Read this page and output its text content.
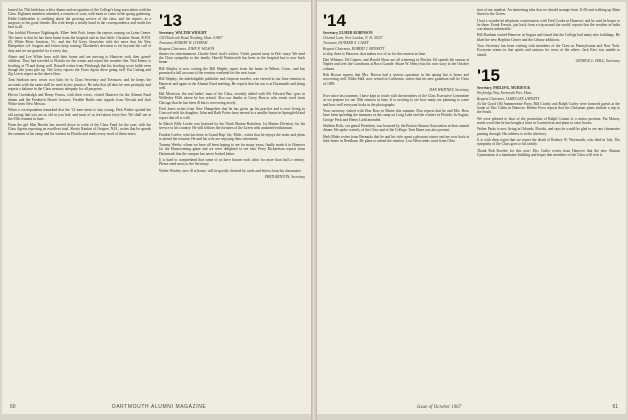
busted for 75th birthdays with a dinner and recognition of the College's long association with the Class. Eighteen members attended, a reunion of sorts, with more to come at the spring gathering. Eddie Lubbenther is crediting about the growing service of the class, and his reports, as a surgeon, to his good friends. His wife keeps a steady hand in the correspondence and sends her best to all.

Our faithful Florence Nightingale, Ellen- beth Park, keeps the reports coming on Lyme Center. The latest is that he has been home from the hospital and in fine fettle. Christine Stone, R.F.D. #3, White River Junction, Vt., and she Ed Gerry flourishes with the news that his New Hampshire col- leagues and letters keep coming. Elizabeth's devotion is far beyond the call of duty and we are grateful for it every day.

Abner and Lee White have sold their home and are moving to Hanover with their grand- children. They had traveled to Florida for the winter and report the weather fine. Ned Emery is bowling at 79 and doing well. Russell writes from Pittsburgh that his bowling score holds even though the years pile up. Ted Gerry reports the Class Agent drive going well. Eat Cutting and Zip Lewis report on the dance floor.

Tom Sanborn now wears two hats; he is Class Secretary and Treasurer, and he keeps the accounts with the same skill he used in law practice. He asks that all dues be sent promptly and reports a balance in the Class treasury adequate for all purposes.

Hector Greenhalgh and Henry Frauss, with their wives, visited Hanover for the Alumni Fund dinner and the Frederick Hewitt lectures. Freddie Butler sent regards from Nevada and Jack White from New Mexico.

When a correspondent remarked that the '12 men seem to stay young, Dick Parker quoted the old saying that you are as old as you feel, and most of us feel about forty-five. We shall see at the 55th reunion in June.

From the gift Mae Brooks has moved down to write of the Class Fund for the year, with the Class Agents reporting an excellent total. Shorty Rankin of Ossipee, N.H., writes that he spends the summer at his camp and his winters in Florida and reads every word of these notes.

'13
Secretary, WALTER WRIGHT
124 Hitchcock Road, Reading, Mass. 01867
Treasurer, ROBERT W. CONRAD
Bequest Chairman, JOHN P. WILSON

theater for entertainment. Charlie Strat- ford's widow, Violet, passed away in Feb- ruary. We send the Class sympathy to the family. Harold Wadsworth has been in the hospital but is now back home.

Bill Shipley is now writing the Bill Shipley report from his home in Wilton, Conn., and has promised a full account of the reunion weekend for the next issue.

Bill Shipley, the indefatigable publisher and frequent traveler, was viewed at our June reunion in Hanover and again at the Alumni Fund meeting. He reports that his son is at Dartmouth and doing well.

Hal Morrison, the real ladies' man of the Class, recently talked with Mr. Edward Bur- gess in Wellesley Hills where he has retired. Also our thanks to Gerry Brown, who sends word from Chicago that he has been ill but is recovering nicely.

Fred Jones writes from New Hampshire that he has given up his practice and is now living in Concord with his daughter. John and Ruth Potter have moved to a smaller house in Springfield and report that all is well.

In March Billy Loefer was honored by the Ninth Marine Battalion, 1st Marine Division, for his service to his country. He still follows the fortunes of the Green with unabated enthusiasm.

Frankie Loefer, who has been in Grand Rap- ids, Mich., writes that he enjoys the notes and plans to attend the reunion. He and his wife are enjoying their retirement.

Tommy Weeks, whom we have all been hoping to see for many years, finally made it to Hanover for the Homecoming game and we were delighted to see him. Perry Richardson reports from Dartmouth that the campus has never looked better.

It is hard to comprehend that some of us have known each other for more than half a century. Please send news to the Secretary.

Walter Wooley, now ill at home, will be greatly cheered by cards and letters from his classmates.

FRED BENTON, Secretary

60	DARTMOUTH ALUMNI MAGAZINE
'14
Secretary, ELMER ROBINSON
Oriental Lane, New London, N. H. 03257
Treasurer, HOWARD A. CASEY
Bequest Chairman, ROBERT J. BENNETT

to ship three to Hanover, that makes two of us for the reunion in June.

Dan Whitney, Ed Cramer, and Harold Shaw are all wintering in Florida. Ed spends the season at Naples and sees the Grandsons at Boca Grande. Stuart W. Henry has his own story in the October column.

Bob Brown reports that Mrs. Brown had a serious operation in the spring but is home and recovering well. Eddie Hall, now retired in California, writes that his new grandson will be Class of 1989.

DAN WHITNEY, Secretary

Ever since last summer, I have kept in touch with the members of the Class Executive Committee as we prepare for our 55th reunion in June. It is exciting to see how many are planning to come and how well everyone looks in the photographs.

Your secretary visited with Don Ross in Maine this summer. Don reports that he and Mrs. Ross have been spending the summers at the camp on Long Lake and the winters in Florida. In August, George Peck and Henry Ladd attended.

Sheldon Roth, our genial President, was honored by the Boston Alumni Association at their annual dinner. He spoke warmly of the Class and of the College. Tom Dunn was also present.

Herb Blake writes from Bermuda that he and his wife spent a pleasant winter and are now back at their home in Needham. He plans to attend the reunion. Lou Allen sends word from Ohio.

tion of our mindset. An interesting idea that we should arrange from 11:00 and walking up Main Street to the Green.

I had a wonderful telephone conversation with Fred Cooke in Hanover, and he said he hopes to be there. Frank Frewin, just back from a trip around the world, reports that the weather in India was almost unbearable.

Bill Dunham visited Hanover in August and found that the College had many new buildings. He liked the new Hopkins Center and the Library additions.

Your Secretary has been visiting with members of the Class in Pennsylvania and New York. Everyone seems in fine spirits and anxious for news of the others. Jack Kerr was unable to attend.

GEORGE L. HALL, Secretary

'15
Secretary, PHILIP K. MURDOCK
Weybridge Way, Yarmouth Port, Mass.
Bequest Chairman, JAMES LEE LAFERTY

At the Good Old Summertime Party, Bill Crosby and Ralph Carley were honored guests at the home of Doc Gibbs in Hanover. Herbie Frost reports that his Christmas plans include a trip to the South.

We were pleased to hear of the promotion of Ralph Conant to a senior position. Pat Murray sends word that he has bought a farm in Connecticut and plans to raise horses.

Walter Parks is now living in Orlando, Florida, and says he would be glad to see any classmates passing through. His address is in the directory.

It is with deep regret that we report the death of Rodney W. Weymouth, who died in July. The sympathy of the Class goes to his family.

Thank Bob Rowlee for this note: Doc Cutler writes from Hanover that the new Alumni Gymnasium is a handsome building and hopes that members of the Class will visit it.

Issue of October 1967	61
